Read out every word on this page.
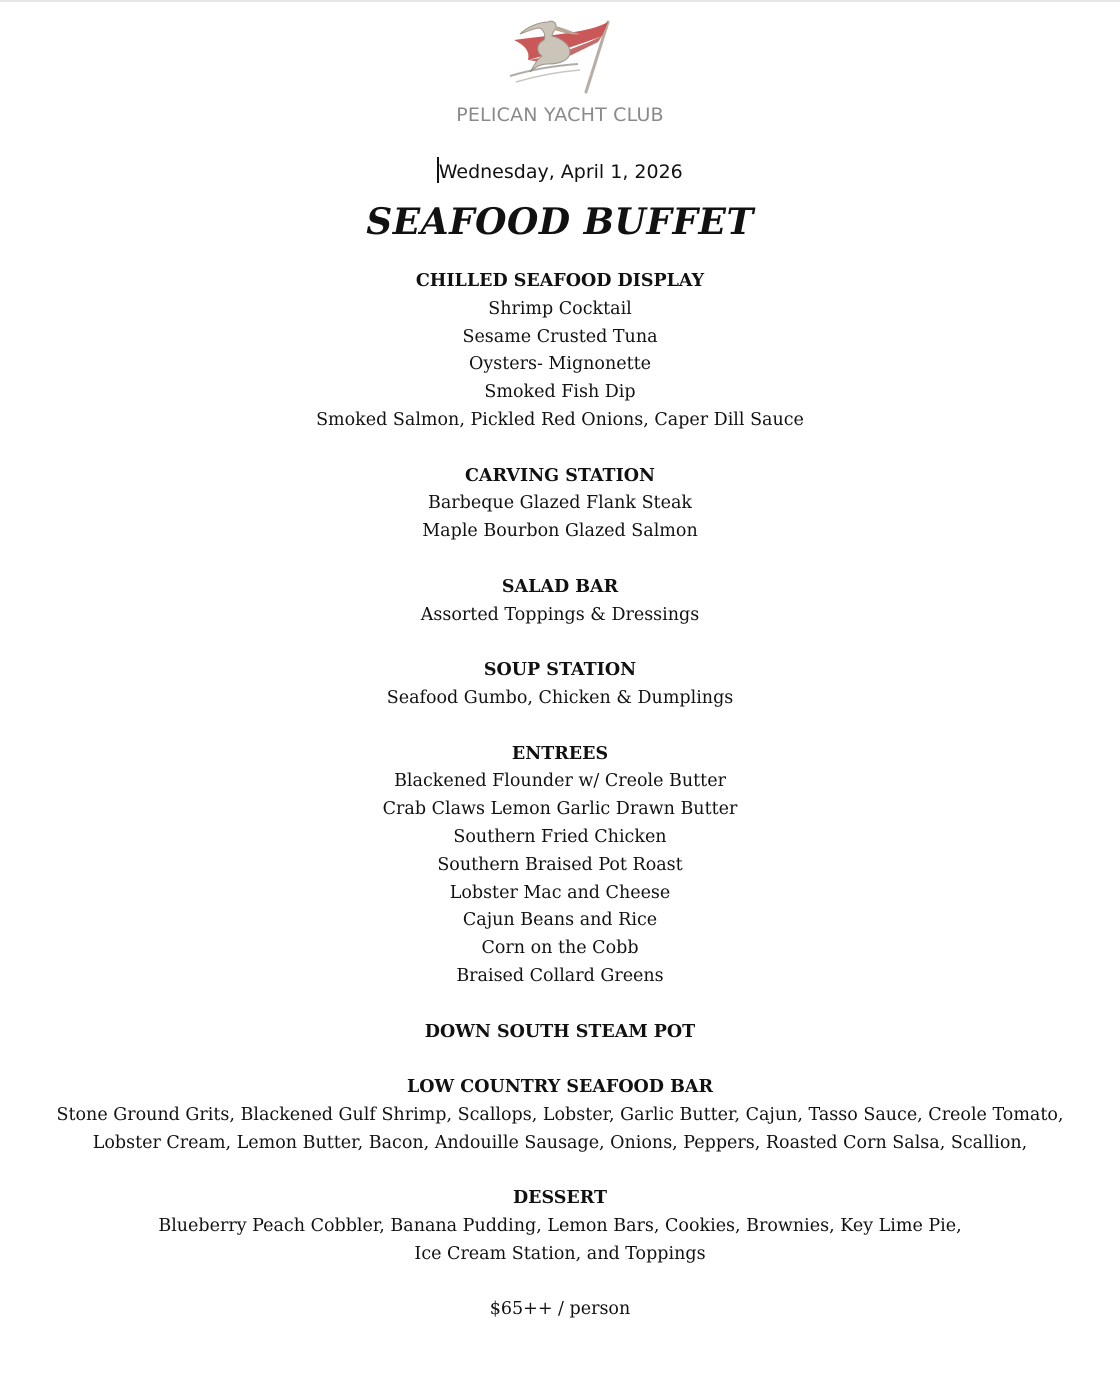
PELICAN YACHT CLUB
Wednesday, April 1, 2026
SEAFOOD BUFFET
CHILLED SEAFOOD DISPLAY
Shrimp Cocktail
Sesame Crusted Tuna
Oysters- Mignonette
Smoked Fish Dip
Smoked Salmon, Pickled Red Onions, Caper Dill Sauce
CARVING STATION
Barbeque Glazed Flank Steak
Maple Bourbon Glazed Salmon
SALAD BAR
Assorted Toppings & Dressings
SOUP STATION
Seafood Gumbo, Chicken & Dumplings
ENTREES
Blackened Flounder w/ Creole Butter
Crab Claws Lemon Garlic Drawn Butter
Southern Fried Chicken
Southern Braised Pot Roast
Lobster Mac and Cheese
Cajun Beans and Rice
Corn on the Cobb
Braised Collard Greens
DOWN SOUTH STEAM POT
LOW COUNTRY SEAFOOD BAR
Stone Ground Grits, Blackened Gulf Shrimp, Scallops, Lobster, Garlic Butter, Cajun, Tasso Sauce, Creole Tomato,
Lobster Cream, Lemon Butter, Bacon, Andouille Sausage, Onions, Peppers, Roasted Corn Salsa, Scallion,
DESSERT
Blueberry Peach Cobbler, Banana Pudding, Lemon Bars, Cookies, Brownies, Key Lime Pie,
Ice Cream Station, and Toppings
$65++ / person
